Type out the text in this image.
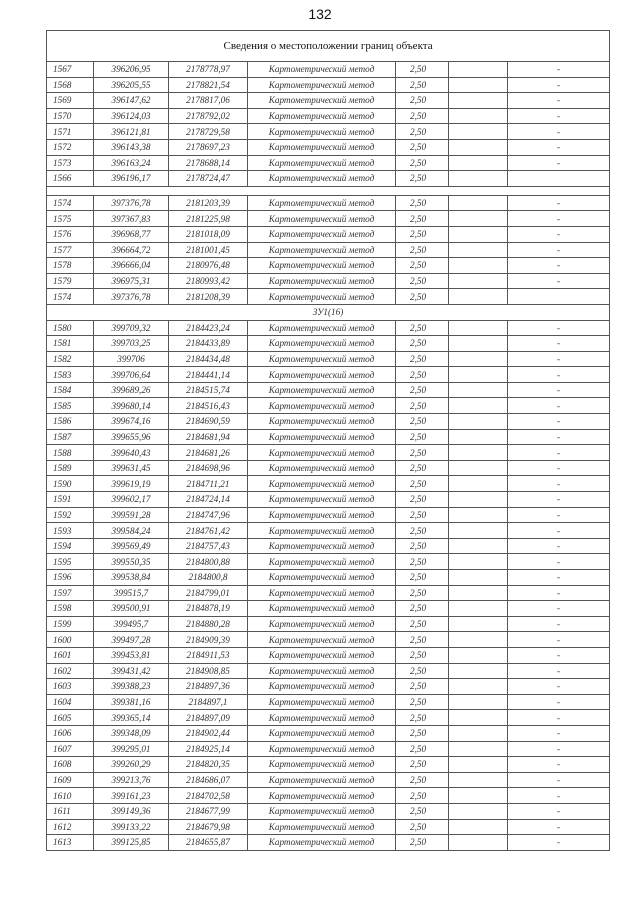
132
Сведения о местоположении границ объекта						
1567	396206,95	2178778,97	Картометрический метод	2,50		-
1568	396205,55	2178821,54	Картометрический метод	2,50		-
1569	396147,62	2178817,06	Картометрический метод	2,50		-
1570	396124,03	2178792,02	Картометрический метод	2,50		-
1571	396121,81	2178729,58	Картометрический метод	2,50		-
1572	396143,38	2178697,23	Картометрический метод	2,50		-
1573	396163,24	2178688,14	Картометрический метод	2,50		-
1566	396196,17	2178724,47	Картометрический метод	2,50		

1574	397376,78	2181203,39	Картометрический метод	2,50		-
1575	397367,83	2181225,98	Картометрический метод	2,50		-
1576	396968,77	2181018,09	Картометрический метод	2,50		-
1577	396664,72	2181001,45	Картометрический метод	2,50		-
1578	396666,04	2180976,48	Картометрический метод	2,50		-
1579	396975,31	2180993,42	Картометрический метод	2,50		-
1574	397376,78	2181208,39	Картометрический метод	2,50		
ЗУ1(16)						
1580	399709,32	2184423,24	Картометрический метод	2,50		-
1581	399703,25	2184433,89	Картометрический метод	2,50		-
1582	399706	2184434,48	Картометрический метод	2,50		-
1583	399706,64	2184441,14	Картометрический метод	2,50		-
1584	399689,26	2184515,74	Картометрический метод	2,50		-
1585	399680,14	2184516,43	Картометрический метод	2,50		-
1586	399674,16	2184690,59	Картометрический метод	2,50		-
1587	399655,96	2184681,94	Картометрический метод	2,50		-
1588	399640,43	2184681,26	Картометрический метод	2,50		-
1589	399631,45	2184698,96	Картометрический метод	2,50		-
1590	399619,19	2184711,21	Картометрический метод	2,50		-
1591	399602,17	2184724,14	Картометрический метод	2,50		-
1592	399591,28	2184747,96	Картометрический метод	2,50		-
1593	399584,24	2184761,42	Картометрический метод	2,50		-
1594	399569,49	2184757,43	Картометрический метод	2,50		-
1595	399550,35	2184800,88	Картометрический метод	2,50		-
1596	399538,84	2184800,8	Картометрический метод	2,50		-
1597	399515,7	2184799,01	Картометрический метод	2,50		-
1598	399500,91	2184878,19	Картометрический метод	2,50		-
1599	399495,7	2184880,28	Картометрический метод	2,50		-
1600	399497,28	2184909,39	Картометрический метод	2,50		-
1601	399453,81	2184911,53	Картометрический метод	2,50		-
1602	399431,42	2184908,85	Картометрический метод	2,50		-
1603	399388,23	2184897,36	Картометрический метод	2,50		-
1604	399381,16	2184897,1	Картометрический метод	2,50		-
1605	399365,14	2184897,09	Картометрический метод	2,50		-
1606	399348,09	2184902,44	Картометрический метод	2,50		-
1607	399295,01	2184925,14	Картометрический метод	2,50		-
1608	399260,29	2184820,35	Картометрический метод	2,50		-
1609	399213,76	2184686,07	Картометрический метод	2,50		-
1610	399161,23	2184702,58	Картометрический метод	2,50		-
1611	399149,36	2184677,99	Картометрический метод	2,50		-
1612	399133,22	2184679,98	Картометрический метод	2,50		-
1613	399125,85	2184655,87	Картометрический метод	2,50		-
